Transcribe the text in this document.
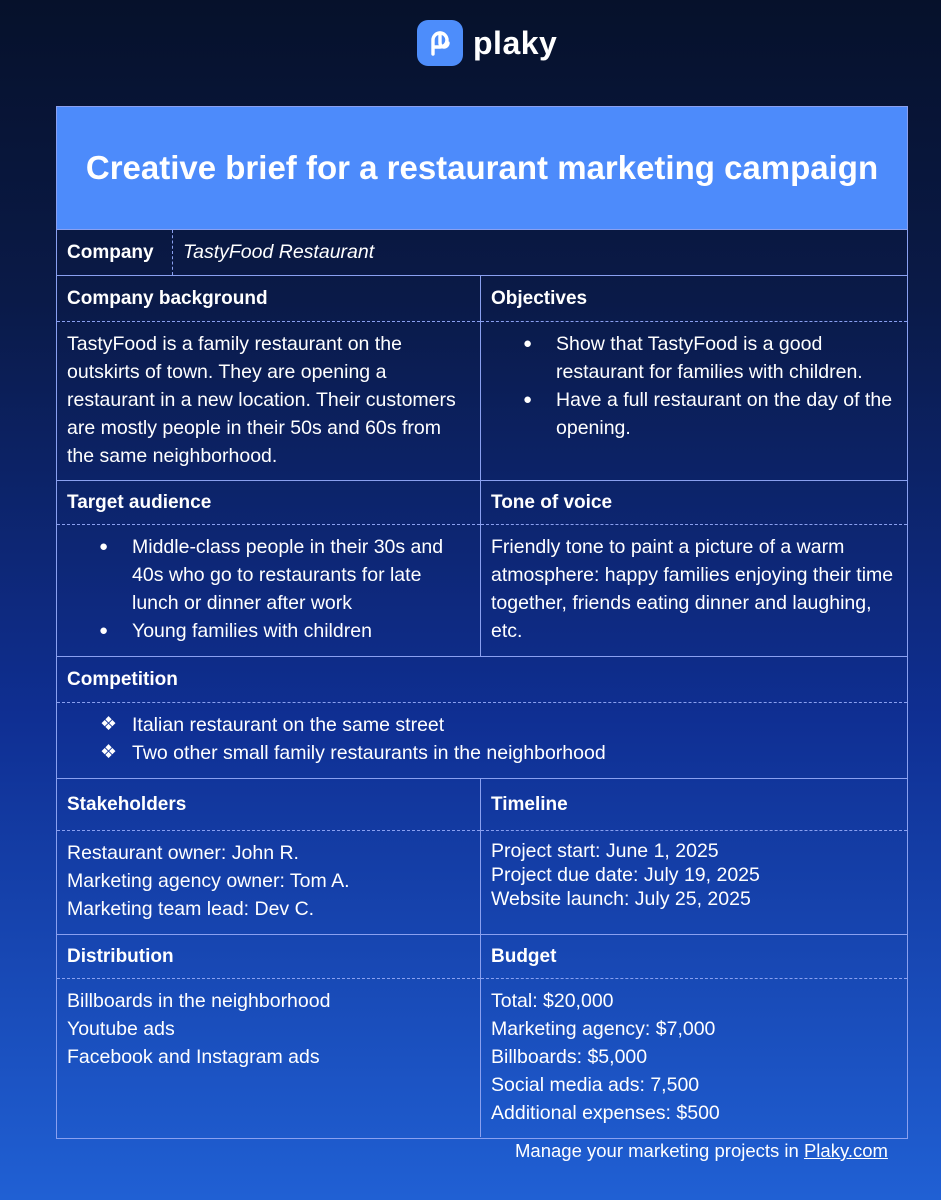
plaky
Creative brief for a restaurant marketing campaign
Company	TastyFood Restaurant
Company background
TastyFood is a family restaurant on the outskirts of town. They are opening a restaurant in a new location. Their customers are mostly people in their 50s and 60s from the same neighborhood.
Objectives
● Show that TastyFood is a good restaurant for families with children.
● Have a full restaurant on the day of the opening.
Target audience
● Middle-class people in their 30s and 40s who go to restaurants for late lunch or dinner after work
● Young families with children
Tone of voice
Friendly tone to paint a picture of a warm atmosphere: happy families enjoying their time together, friends eating dinner and laughing, etc.
Competition
❖ Italian restaurant on the same street
❖ Two other small family restaurants in the neighborhood
Stakeholders
Restaurant owner: John R.
Marketing agency owner: Tom A.
Marketing team lead: Dev C.
Timeline
Project start: June 1, 2025
Project due date: July 19, 2025
Website launch: July 25, 2025
Distribution
Billboards in the neighborhood
Youtube ads
Facebook and Instagram ads
Budget
Total: $20,000
Marketing agency: $7,000
Billboards: $5,000
Social media ads: 7,500
Additional expenses: $500
Manage your marketing projects in Plaky.com
